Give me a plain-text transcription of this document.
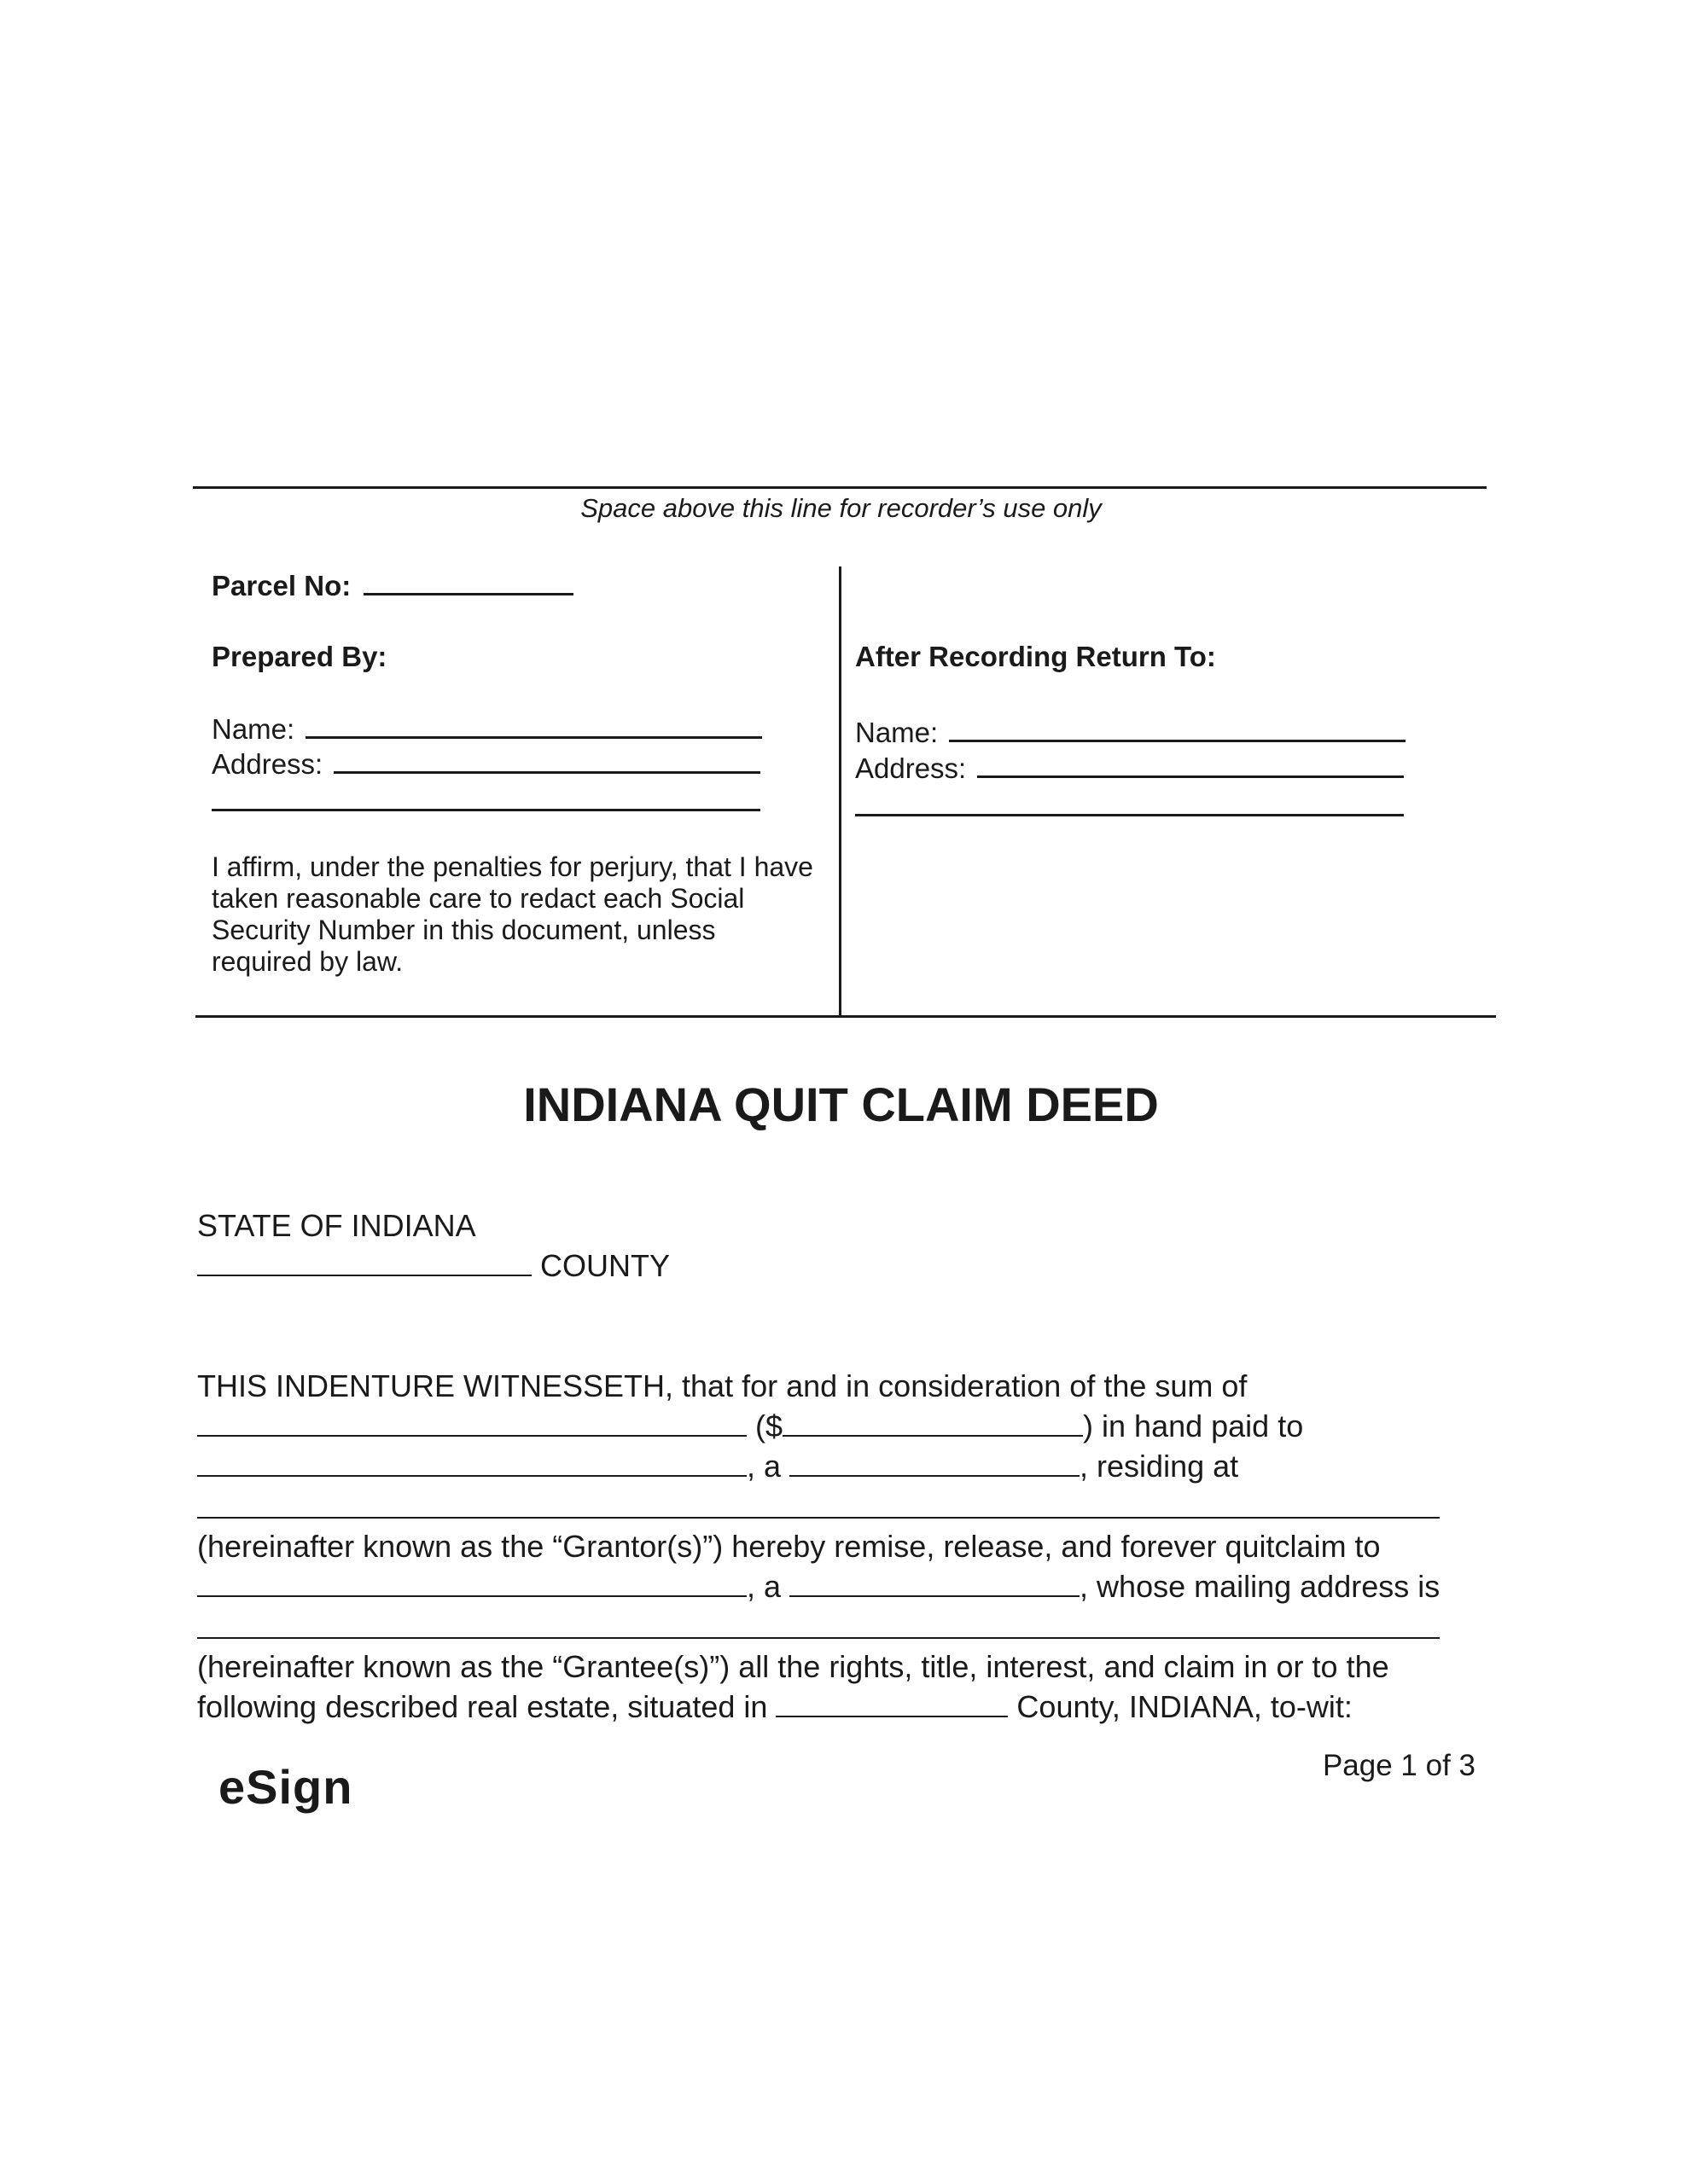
Space above this line for recorder’s use only
Parcel No:
Prepared By:
Name:
Address:
I affirm, under the penalties for perjury, that I have
taken reasonable care to redact each Social
Security Number in this document, unless
required by law.
After Recording Return To:
Name:
Address:
INDIANA QUIT CLAIM DEED
STATE OF INDIANA
COUNTY
THIS INDENTURE WITNESSETH, that for and in consideration of the sum of
($	) in hand paid to
, a	, residing at
(hereinafter known as the “Grantor(s)”) hereby remise, release, and forever quitclaim to
, a	, whose mailing address is
(hereinafter known as the “Grantee(s)”) all the rights, title, interest, and claim in or to the
following described real estate, situated in	County, INDIANA, to-wit:
eSign	Page 1 of 3
